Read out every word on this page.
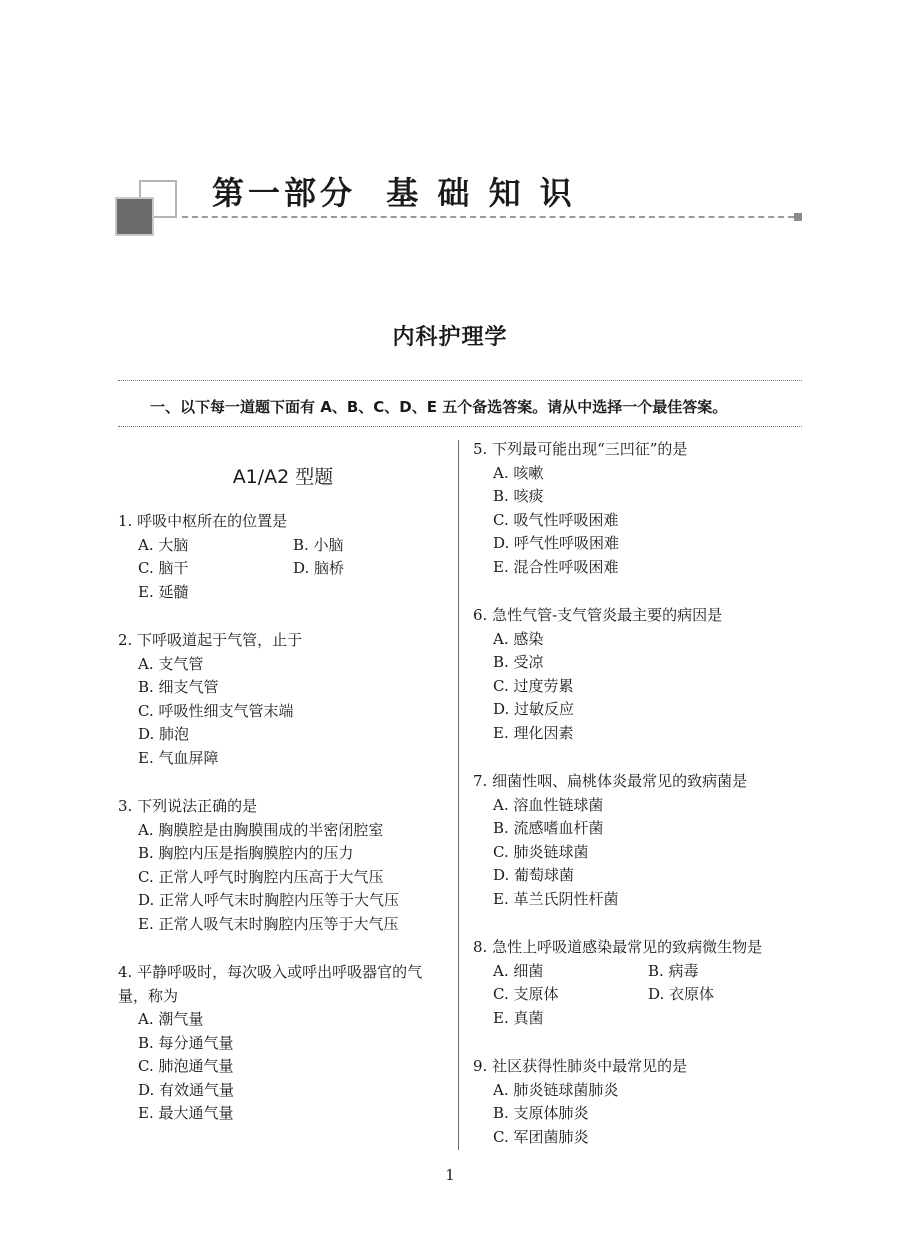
第一部分  基 础 知 识
内科护理学
一、以下每一道题下面有 A、B、C、D、E 五个备选答案。请从中选择一个最佳答案。
A1/A2 型题
1. 呼吸中枢所在的位置是
A. 大脑	B. 小脑
C. 脑干	D. 脑桥
E. 延髓
2. 下呼吸道起于气管，止于
A. 支气管
B. 细支气管
C. 呼吸性细支气管末端
D. 肺泡
E. 气血屏障
3. 下列说法正确的是
A. 胸膜腔是由胸膜围成的半密闭腔室
B. 胸腔内压是指胸膜腔内的压力
C. 正常人呼气时胸腔内压高于大气压
D. 正常人呼气末时胸腔内压等于大气压
E. 正常人吸气末时胸腔内压等于大气压
4. 平静呼吸时，每次吸入或呼出呼吸器官的气量，称为
A. 潮气量
B. 每分通气量
C. 肺泡通气量
D. 有效通气量
E. 最大通气量
5. 下列最可能出现“三凹征”的是
A. 咳嗽
B. 咳痰
C. 吸气性呼吸困难
D. 呼气性呼吸困难
E. 混合性呼吸困难
6. 急性气管-支气管炎最主要的病因是
A. 感染
B. 受凉
C. 过度劳累
D. 过敏反应
E. 理化因素
7. 细菌性咽、扁桃体炎最常见的致病菌是
A. 溶血性链球菌
B. 流感嗜血杆菌
C. 肺炎链球菌
D. 葡萄球菌
E. 革兰氏阴性杆菌
8. 急性上呼吸道感染最常见的致病微生物是
A. 细菌	B. 病毒
C. 支原体	D. 衣原体
E. 真菌
9. 社区获得性肺炎中最常见的是
A. 肺炎链球菌肺炎
B. 支原体肺炎
C. 军团菌肺炎
1
